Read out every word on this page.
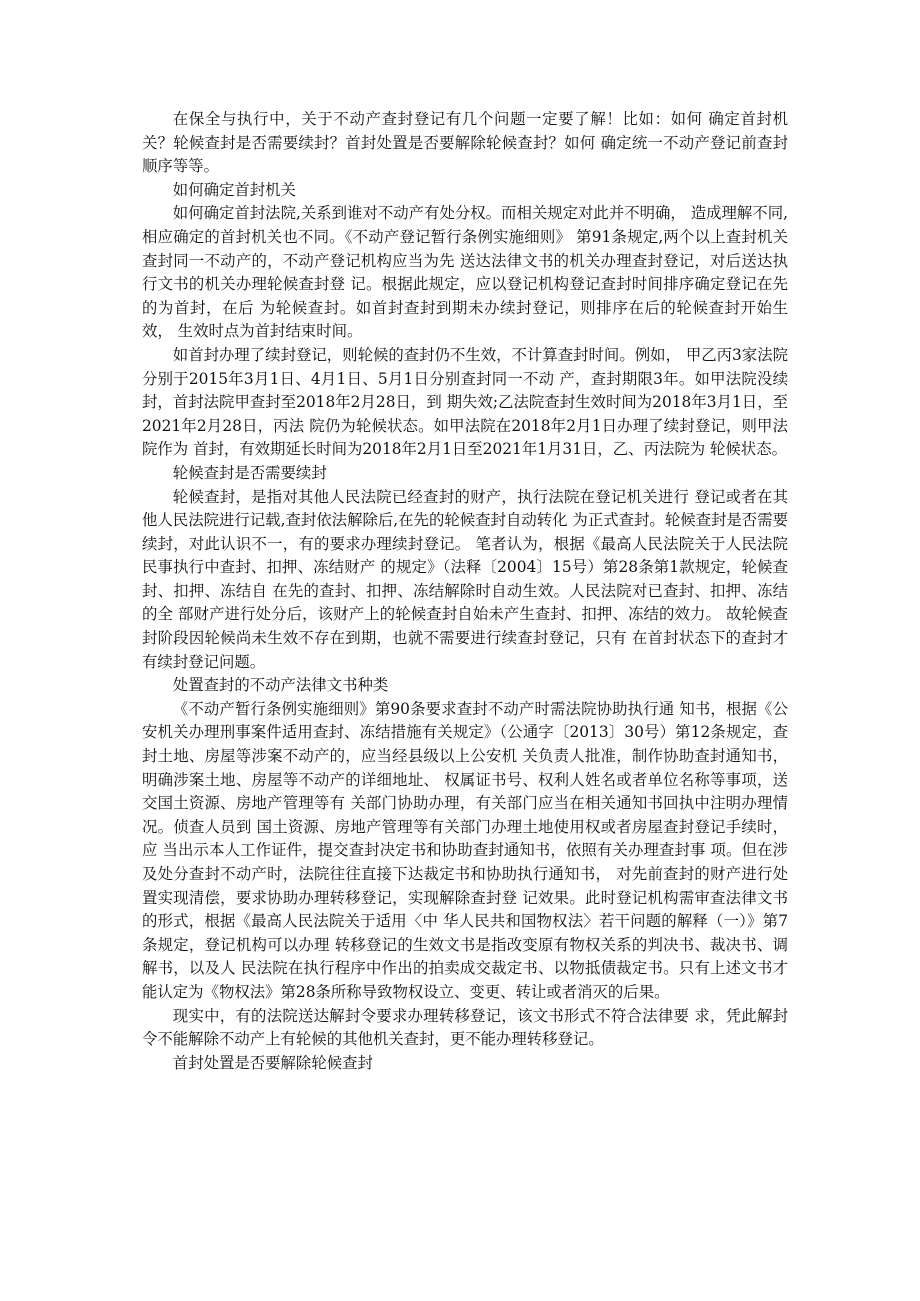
在保全与执行中，关于不动产查封登记有几个问题一定要了解！比如：如何 确定首封机关？轮候查封是否需要续封？首封处置是否要解除轮候查封？如何 确定统一不动产登记前查封顺序等等。

如何确定首封机关

如何确定首封法院,关系到谁对不动产有处分权。而相关规定对此并不明确， 造成理解不同,相应确定的首封机关也不同。《不动产登记暂行条例实施细则》 第91条规定,两个以上查封机关查封同一不动产的，不动产登记机构应当为先 送达法律文书的机关办理查封登记，对后送达执行文书的机关办理轮候查封登 记。根据此规定，应以登记机构登记查封时间排序确定登记在先的为首封，在后 为轮候查封。如首封查封到期未办续封登记，则排序在后的轮候查封开始生效， 生效时点为首封结束时间。

如首封办理了续封登记，则轮候的查封仍不生效，不计算查封时间。例如， 甲乙丙3家法院分别于2015年3月1日、4月1日、5月1日分别查封同一不动 产，查封期限3年。如甲法院没续封，首封法院甲查封至2018年2月28日，到 期失效;乙法院查封生效时间为2018年3月1日，至2021年2月28日，丙法 院仍为轮候状态。如甲法院在2018年2月1日办理了续封登记，则甲法院作为 首封，有效期延长时间为2018年2月1日至2021年1月31日，乙、丙法院为 轮候状态。

轮候查封是否需要续封

轮候查封，是指对其他人民法院已经查封的财产，执行法院在登记机关进行 登记或者在其他人民法院进行记载,查封依法解除后,在先的轮候查封自动转化 为正式查封。轮候查封是否需要续封，对此认识不一，有的要求办理续封登记。 笔者认为，根据《最高人民法院关于人民法院民事执行中查封、扣押、冻结财产 的规定》（法释〔2004〕15号）第28条第1款规定，轮候查封、扣押、冻结自 在先的查封、扣押、冻结解除时自动生效。人民法院对已查封、扣押、冻结的全 部财产进行处分后，该财产上的轮候查封自始未产生查封、扣押、冻结的效力。 故轮候查封阶段因轮候尚未生效不存在到期，也就不需要进行续查封登记，只有 在首封状态下的查封才有续封登记问题。

处置查封的不动产法律文书种类

《不动产暂行条例实施细则》第90条要求查封不动产时需法院协助执行通 知书，根据《公安机关办理刑事案件适用查封、冻结措施有关规定》（公通字〔2013〕30号）第12条规定，查封土地、房屋等涉案不动产的，应当经县级以上公安机 关负责人批准，制作协助查封通知书，明确涉案土地、房屋等不动产的详细地址、 权属证书号、权利人姓名或者单位名称等事项，送交国土资源、房地产管理等有 关部门协助办理，有关部门应当在相关通知书回执中注明办理情况。侦查人员到 国土资源、房地产管理等有关部门办理土地使用权或者房屋查封登记手续时，应 当出示本人工作证件，提交查封决定书和协助查封通知书，依照有关办理查封事 项。但在涉及处分查封不动产时，法院往往直接下达裁定书和协助执行通知书， 对先前查封的财产进行处置实现清偿，要求协助办理转移登记，实现解除查封登 记效果。此时登记机构需审查法律文书的形式，根据《最高人民法院关于适用〈中 华人民共和国物权法〉若干问题的解释（一）》第7条规定，登记机构可以办理 转移登记的生效文书是指改变原有物权关系的判决书、裁决书、调解书，以及人 民法院在执行程序中作出的拍卖成交裁定书、以物抵债裁定书。只有上述文书才 能认定为《物权法》第28条所称导致物权设立、变更、转让或者消灭的后果。

现实中，有的法院送达解封令要求办理转移登记，该文书形式不符合法律要 求，凭此解封令不能解除不动产上有轮候的其他机关查封，更不能办理转移登记。

首封处置是否要解除轮候查封
